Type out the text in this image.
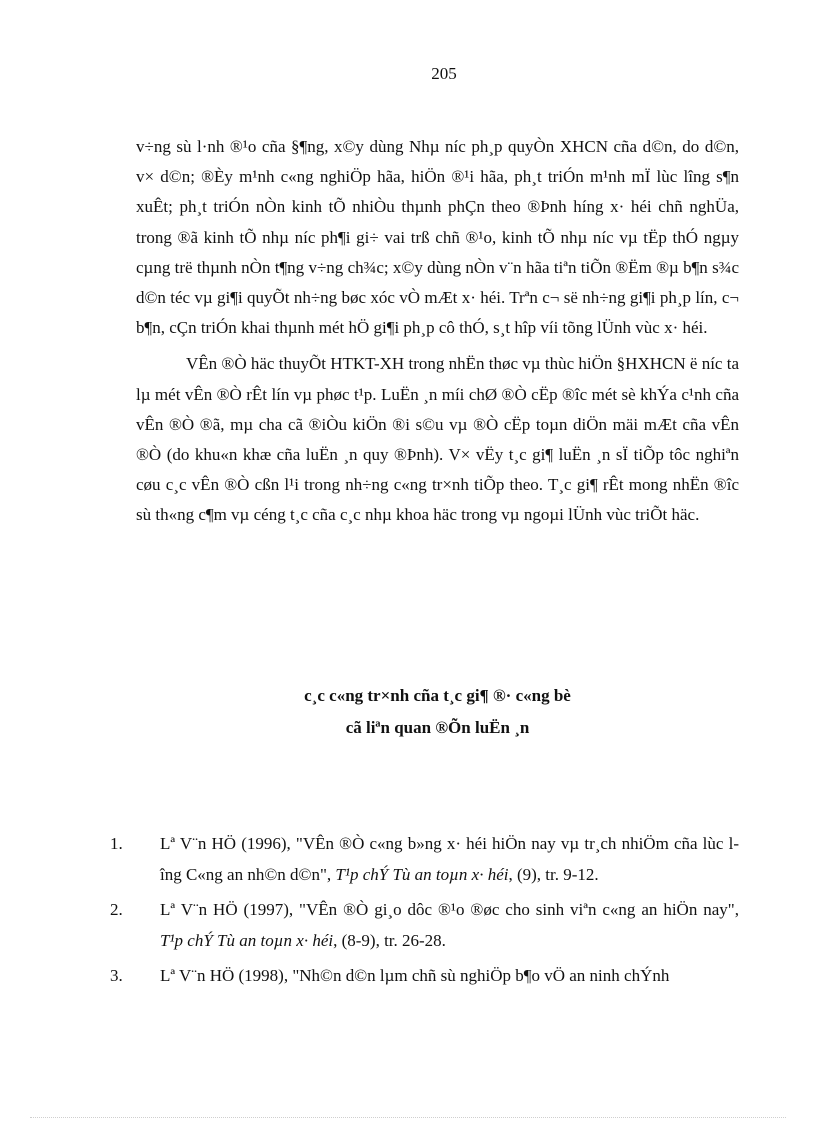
205

v÷ng sù l·nh ®¹o cña §¶ng, x©y dùng Nhµ níc ph¸p quyÒn XHCN cña d©n, do d©n, v× d©n; ®Èy m¹nh c«ng nghiÖp hãa, hiÖn ®¹i hãa, ph¸t triÓn m¹nh mÏ lùc lîng s¶n xuÊt; ph¸t triÓn nÒn kinh tÕ nhiÒu thµnh phÇn theo ®Þnh híng x· héi chñ nghÜa, trong ®ã kinh tÕ nhµ níc ph¶i gi÷ vai trß chñ ®¹o, kinh tÕ nhµ níc vµ tËp thÓ ngµy cµng trë thµnh nÒn t¶ng v÷ng ch¾c; x©y dùng nÒn v¨n hãa tiªn tiÕn ®Ëm ®µ b¶n s¾c d©n téc vµ gi¶i quyÕt nh÷ng bøc xóc vÒ mÆt x· héi. Trªn c¬ së nh÷ng gi¶i ph¸p lín, c¬ b¶n, cÇn triÓn khai thµnh mét hÖ gi¶i ph¸p cô thÓ, s¸t hîp víi tõng lÜnh vùc x· héi.

VÊn ®Ò häc thuyÕt HTKT-XH trong nhËn thøc vµ thùc hiÖn §HXHCN ë níc ta lµ mét vÊn ®Ò rÊt lín vµ phøc t¹p. LuËn ¸n míi chØ ®Ò cËp ®îc mét sè khÝa c¹nh cña vÊn ®Ò ®ã, mµ cha cã ®iÒu kiÖn ®i s©u vµ ®Ò cËp toµn diÖn mäi mÆt cña vÊn ®Ò (do khu«n khæ cña luËn ¸n quy ®Þnh). V× vËy t¸c gi¶ luËn ¸n sÏ tiÕp tôc nghiªn cøu c¸c vÊn ®Ò cßn l¹i trong nh÷ng c«ng tr×nh tiÕp theo. T¸c gi¶ rÊt mong nhËn ®îc sù th«ng c¶m vµ céng t¸c cña c¸c nhµ khoa häc trong vµ ngoµi lÜnh vùc triÕt häc.

c¸c c«ng tr×nh cña t¸c gi¶ ®· c«ng bè
cã liªn quan ®Õn luËn ¸n
1.	Lª V¨n HÖ (1996), "VÊn ®Ò c«ng b»ng x· héi hiÖn nay vµ tr¸ch nhiÖm cña lùc lîng C«ng an nh©n d©n", T¹p chÝ Tù an toµn x· héi, (9), tr. 9-12.
2.	Lª V¨n HÖ (1997), "VÊn ®Ò gi¸o dôc ®¹o ®øc cho sinh viªn c«ng an hiÖn nay", T¹p chÝ Tù an toµn x· héi, (8-9), tr. 26-28.
3.	Lª V¨n HÖ (1998), "Nh©n d©n lµm chñ sù nghiÖp b¶o vÖ an ninh chÝnh
